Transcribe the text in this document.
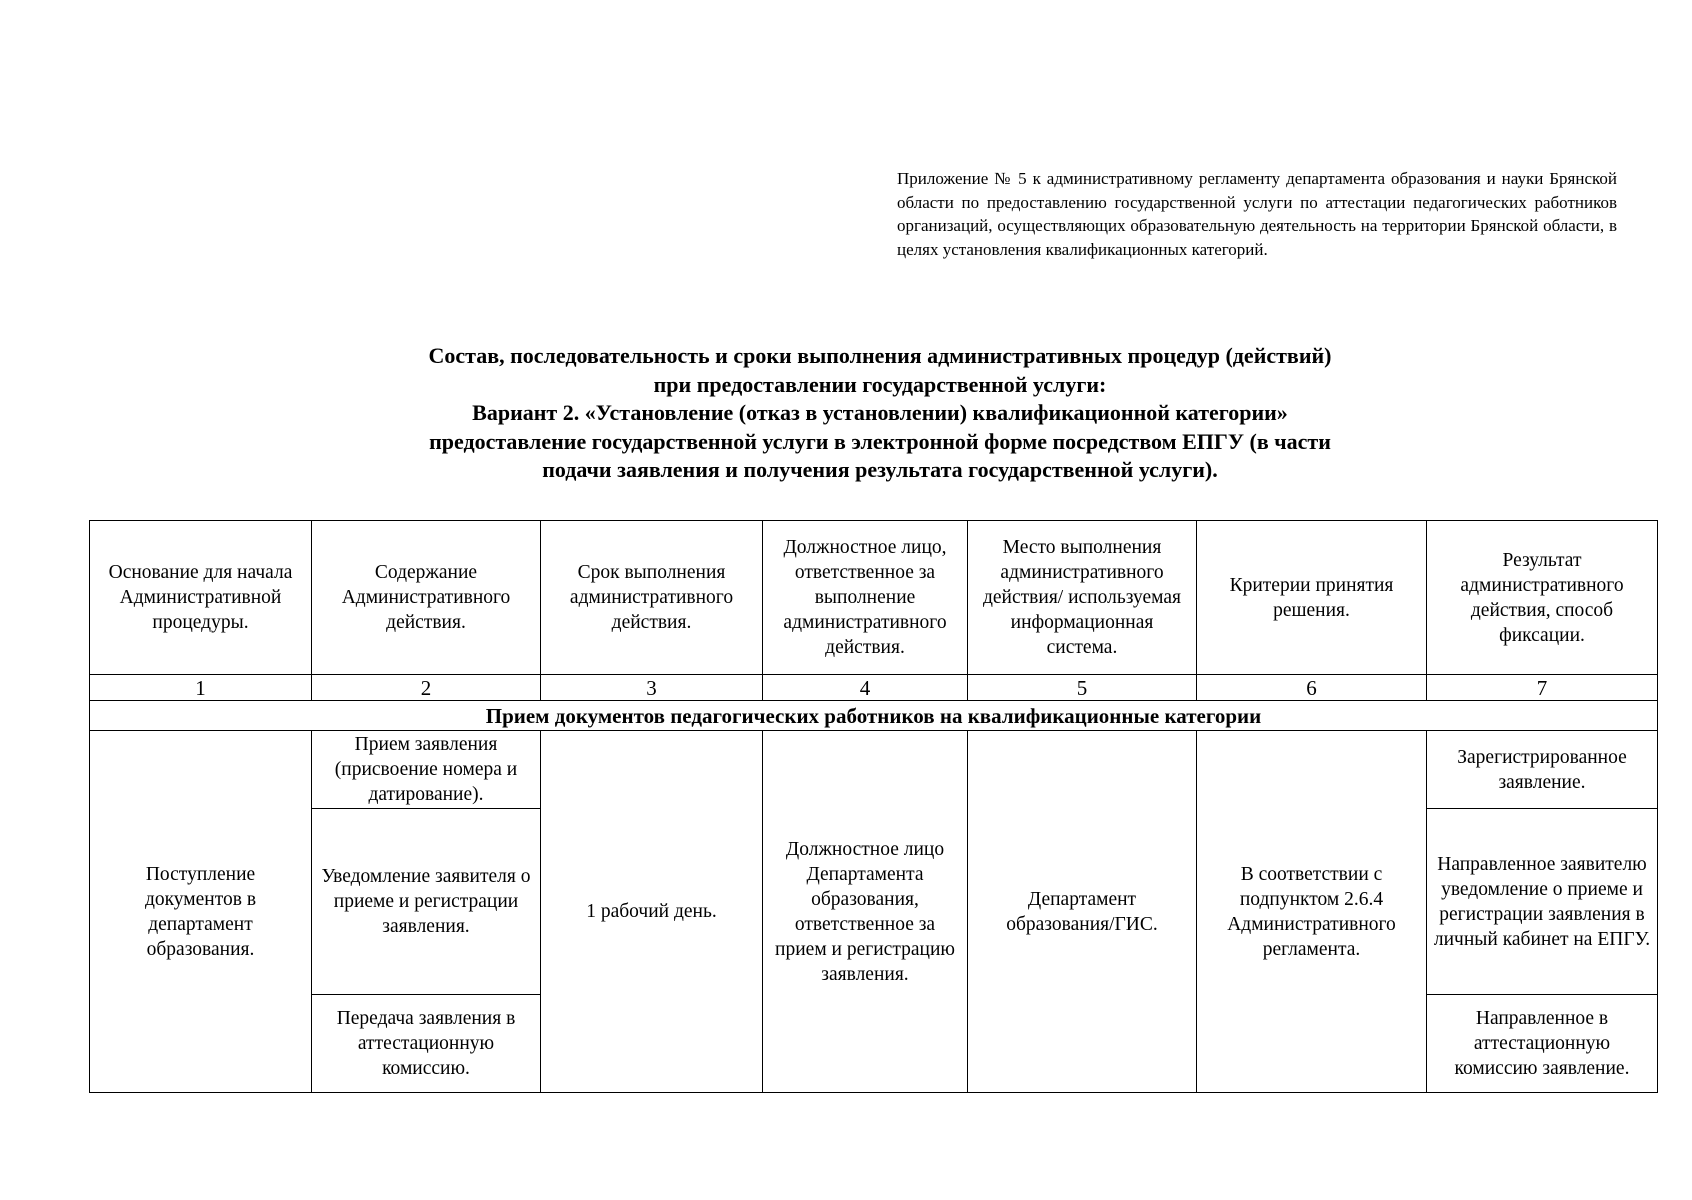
Приложение № 5 к административному регламенту департамента образования и науки Брянской области по предоставлению государственной услуги по аттестации педагогических работников организаций, осуществляющих образовательную деятельность на территории Брянской области, в целях установления квалификационных категорий.
Состав, последовательность и сроки выполнения административных процедур (действий)
при предоставлении государственной услуги:
Вариант 2. «Установление (отказ в установлении) квалификационной категории»
предоставление государственной услуги в электронной форме посредством ЕПГУ (в части
подачи заявления и получения результата государственной услуги).
Основание для начала Административной процедуры.	Содержание Административного действия.	Срок выполнения административного действия.	Должностное лицо, ответственное за выполнение административного действия.	Место выполнения административного действия/ используемая информационная система.	Критерии принятия решения.	Результат административного действия, способ фиксации.
1	2	3	4	5	6	7
Прием документов педагогических работников на квалификационные категории						
Поступление документов в департамент образования.	Прием заявления (присвоение номера и датирование).	1 рабочий день.	Должностное лицо Департамента образования, ответственное за прием и регистрацию заявления.	Департамент образования/ГИС.	В соответствии с подпунктом 2.6.4 Административного регламента.	Зарегистрированное заявление.
	Уведомление заявителя о приеме и регистрации заявления.					Направленное заявителю уведомление о приеме и регистрации заявления в личный кабинет на ЕПГУ.
	Передача заявления в аттестационную комиссию.					Направленное в аттестационную комиссию заявление.
